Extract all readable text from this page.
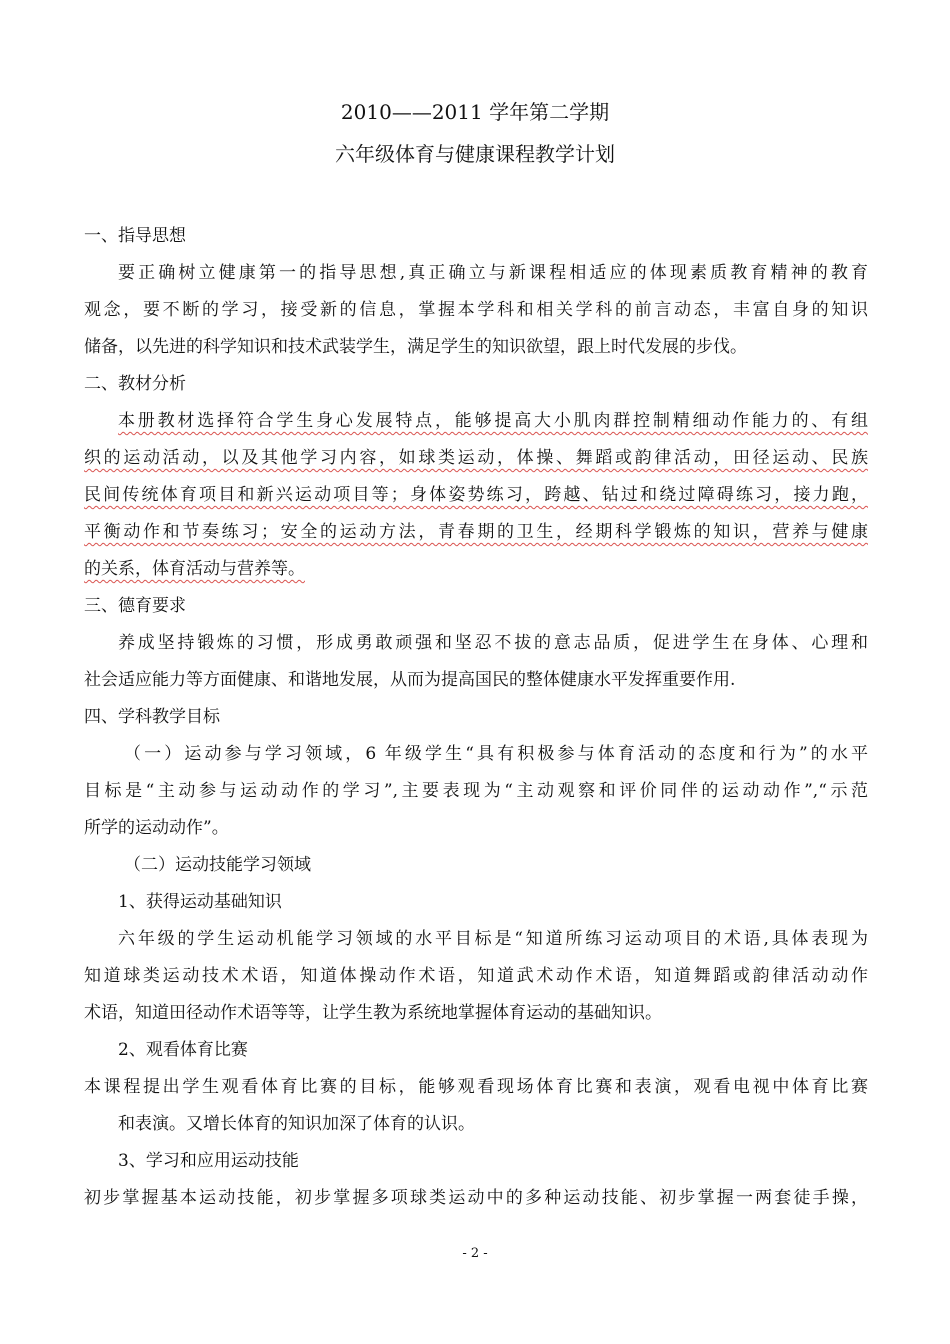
2010——2011 学年第二学期
六年级体育与健康课程教学计划
一、指导思想
要正确树立健康第一的指导思想,真正确立与新课程相适应的体现素质教育精神的教育
观念，要不断的学习，接受新的信息，掌握本学科和相关学科的前言动态，丰富自身的知识
储备，以先进的科学知识和技术武装学生，满足学生的知识欲望，跟上时代发展的步伐。
二、教材分析
本册教材选择符合学生身心发展特点，能够提高大小肌肉群控制精细动作能力的、有组
织的运动活动，以及其他学习内容，如球类运动，体操、舞蹈或韵律活动，田径运动、民族
民间传统体育项目和新兴运动项目等；身体姿势练习，跨越、钻过和绕过障碍练习，接力跑，
平衡动作和节奏练习；安全的运动方法，青春期的卫生，经期科学锻炼的知识，营养与健康
的关系，体育活动与营养等。
三、德育要求
养成坚持锻炼的习惯，形成勇敢顽强和坚忍不拔的意志品质，促进学生在身体、心理和
社会适应能力等方面健康、和谐地发展，从而为提高国民的整体健康水平发挥重要作用.
四、学科教学目标
（一）运动参与学习领域，6 年级学生“具有积极参与体育活动的态度和行为”的水平
目标是“主动参与运动动作的学习”,主要表现为“主动观察和评价同伴的运动动作”,“示范
所学的运动动作”。
（二）运动技能学习领域
1、获得运动基础知识
六年级的学生运动机能学习领域的水平目标是“知道所练习运动项目的术语,具体表现为
知道球类运动技术术语，知道体操动作术语，知道武术动作术语，知道舞蹈或韵律活动动作
术语，知道田径动作术语等等，让学生教为系统地掌握体育运动的基础知识。
2、观看体育比赛
本课程提出学生观看体育比赛的目标，能够观看现场体育比赛和表演，观看电视中体育比赛
和表演。又增长体育的知识加深了体育的认识。
3、学习和应用运动技能
初步掌握基本运动技能，初步掌握多项球类运动中的多种运动技能、初步掌握一两套徒手操，
- 2 -
